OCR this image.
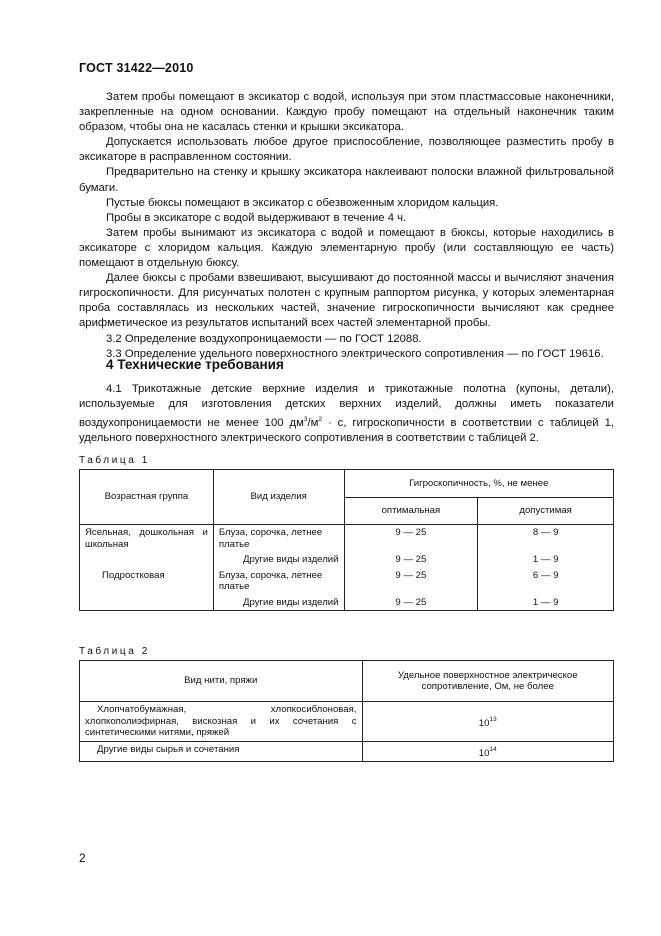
ГОСТ 31422—2010

Затем пробы помещают в эксикатор с водой, используя при этом пластмассовые наконечники, закрепленные на одном основании. Каждую пробу помещают на отдельный наконечник таким образом, чтобы она не касалась стенки и крышки эксикатора.

Допускается использовать любое другое приспособление, позволяющее разместить пробу в эксикаторе в расправленном состоянии.

Предварительно на стенку и крышку эксикатора наклеивают полоски влажной фильтровальной бумаги.

Пустые бюксы помещают в эксикатор с обезвоженным хлоридом кальция.

Пробы в эксикаторе с водой выдерживают в течение 4 ч.

Затем пробы вынимают из эксикатора с водой и помещают в бюксы, которые находились в эксикаторе с хлоридом кальция. Каждую элементарную пробу (или составляющую ее часть) помещают в отдельную бюксу.

Далее бюксы с пробами взвешивают, высушивают до постоянной массы и вычисляют значения гигроскопичности. Для рисунчатых полотен с крупным раппортом рисунка, у которых элементарная проба составлялась из нескольких частей, значение гигроскопичности вычисляют как среднее арифметическое из результатов испытаний всех частей элементарной пробы.

3.2 Определение воздухопроницаемости — по ГОСТ 12088.

3.3 Определение удельного поверхностного электрического сопротивления — по ГОСТ 19616.

4 Технические требования

4.1 Трикотажные детские верхние изделия и трикотажные полотна (купоны, детали), используемые для изготовления детских верхних изделий, должны иметь показатели воздухопроницаемости не менее 100 $дм^3/м^2 \cdot с$, гигроскопичности в соответствии с таблицей 1, удельного поверхностного электрического сопротивления в соответствии с таблицей 2.

Таблица 1
Возрастная группа	Вид изделия	Гигроскопичность, %, не менее	
		оптимальная	допустимая
Ясельная, дошкольная и школьная	Блуза, сорочка, летнее платье	9 — 25	8 — 9
	Другие виды изделий	9 — 25	1 — 9
Подростковая	Блуза, сорочка, летнее платье	9 — 25	6 — 9
	Другие виды изделий	9 — 25	1 — 9
Таблица 2
Вид нити, пряжи	Удельное поверхностное электрическое сопротивление, Ом, не более
Хлопчатобумажная, хлопкосиблоновая, хлопкополиэфирная, вискозная и их сочетания с синтетическими нитями, пряжей	$10^{13}$
Другие виды сырья и сочетания	$10^{14}$
2
